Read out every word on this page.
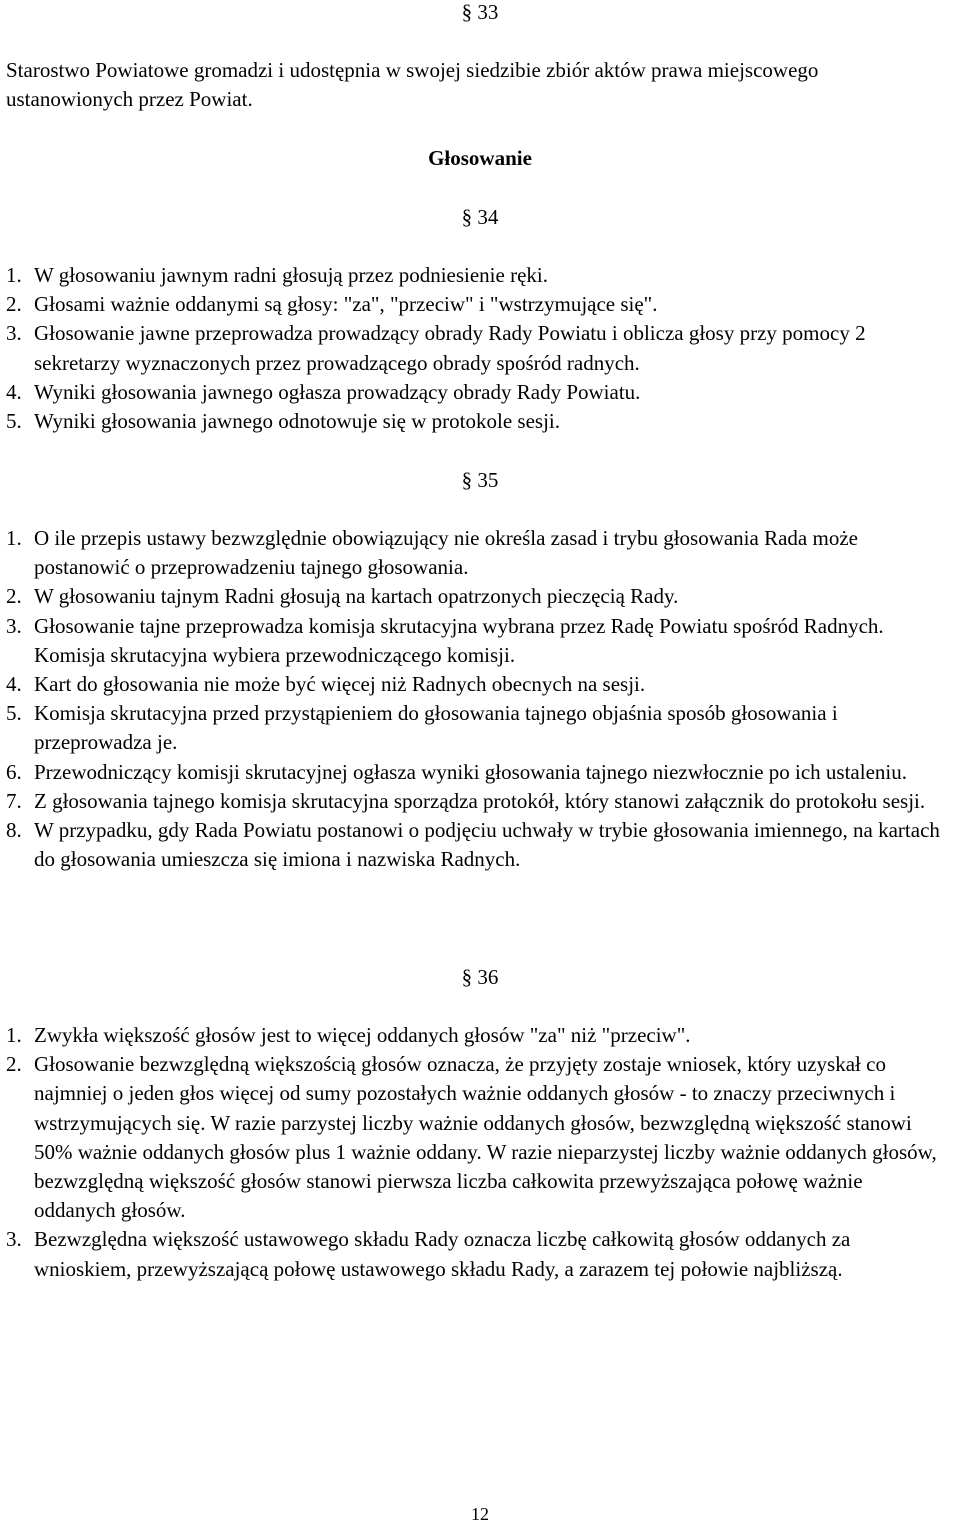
§ 33

Starostwo Powiatowe gromadzi i udostępnia w swojej siedzibie zbiór aktów prawa miejscowego ustanowionych przez Powiat.

Głosowanie

§ 34

1. W głosowaniu jawnym radni głosują przez podniesienie ręki.
2. Głosami ważnie oddanymi są głosy: "za", "przeciw" i "wstrzymujące się".
3. Głosowanie jawne przeprowadza prowadzący obrady Rady Powiatu i oblicza głosy przy pomocy 2 sekretarzy wyznaczonych przez prowadzącego obrady spośród radnych.
4. Wyniki głosowania jawnego ogłasza prowadzący obrady Rady Powiatu.
5. Wyniki głosowania jawnego odnotowuje się w protokole sesji.

§ 35

1. O ile przepis ustawy bezwzględnie obowiązujący nie określa zasad i trybu głosowania Rada może postanowić o przeprowadzeniu tajnego głosowania.
2. W głosowaniu tajnym Radni głosują na kartach opatrzonych pieczęcią Rady.
3. Głosowanie tajne przeprowadza komisja skrutacyjna wybrana przez Radę Powiatu spośród Radnych. Komisja skrutacyjna wybiera przewodniczącego komisji.
4. Kart do głosowania nie może być więcej niż Radnych obecnych na sesji.
5. Komisja skrutacyjna przed przystąpieniem do głosowania tajnego objaśnia sposób głosowania i przeprowadza je.
6. Przewodniczący komisji skrutacyjnej ogłasza wyniki głosowania tajnego niezwłocznie po ich ustaleniu.
7. Z głosowania tajnego komisja skrutacyjna sporządza protokół, który stanowi załącznik do protokołu sesji.
8. W przypadku, gdy Rada Powiatu postanowi o podjęciu uchwały w trybie głosowania imiennego, na kartach do głosowania umieszcza się imiona i nazwiska Radnych.

§ 36

1. Zwykła większość głosów jest to więcej oddanych głosów "za" niż "przeciw".
2. Głosowanie bezwzględną większością głosów oznacza, że przyjęty zostaje wniosek, który uzyskał co najmniej o jeden głos więcej od sumy pozostałych ważnie oddanych głosów - to znaczy przeciwnych i wstrzymujących się. W razie parzystej liczby ważnie oddanych głosów, bezwzględną większość stanowi 50% ważnie oddanych głosów plus 1 ważnie oddany. W razie nieparzystej liczby ważnie oddanych głosów, bezwzględną większość głosów stanowi pierwsza liczba całkowita przewyższająca połowę ważnie oddanych głosów.
3. Bezwzględna większość ustawowego składu Rady oznacza liczbę całkowitą głosów oddanych za wnioskiem, przewyższającą połowę ustawowego składu Rady, a zarazem tej połowie najbliższą.
12
